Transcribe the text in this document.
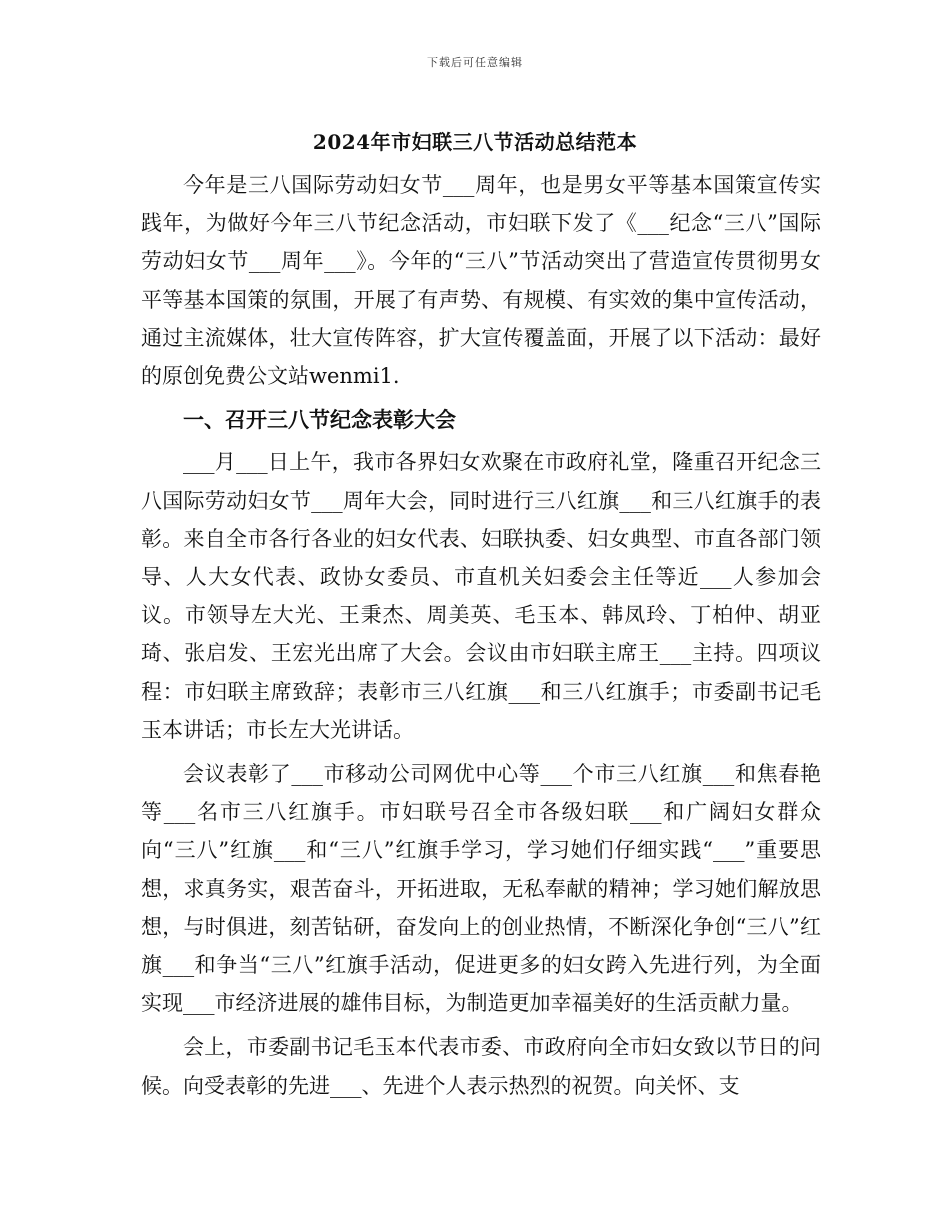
下载后可任意编辑
2024年市妇联三八节活动总结范本

今年是三八国际劳动妇女节___周年，也是男女平等基本国策宣传实践年，为做好今年三八节纪念活动，市妇联下发了《___纪念“三八”国际劳动妇女节___周年___》。今年的“三八”节活动突出了营造宣传贯彻男女平等基本国策的氛围，开展了有声势、有规模、有实效的集中宣传活动，通过主流媒体，壮大宣传阵容，扩大宣传覆盖面，开展了以下活动：最好的原创免费公文站wenmi1.

一、召开三八节纪念表彰大会

___月___日上午，我市各界妇女欢聚在市政府礼堂，隆重召开纪念三八国际劳动妇女节___周年大会，同时进行三八红旗___和三八红旗手的表彰。来自全市各行各业的妇女代表、妇联执委、妇女典型、市直各部门领导、人大女代表、政协女委员、市直机关妇委会主任等近___人参加会议。市领导左大光、王秉杰、周美英、毛玉本、韩凤玲、丁柏仲、胡亚琦、张启发、王宏光出席了大会。会议由市妇联主席王___主持。四项议程：市妇联主席致辞；表彰市三八红旗___和三八红旗手；市委副书记毛玉本讲话；市长左大光讲话。

会议表彰了___市移动公司网优中心等___个市三八红旗___和焦春艳等___名市三八红旗手。市妇联号召全市各级妇联___和广阔妇女群众向“三八”红旗___和“三八”红旗手学习，学习她们仔细实践“___”重要思想，求真务实，艰苦奋斗，开拓进取，无私奉献的精神；学习她们解放思想，与时俱进，刻苦钻研，奋发向上的创业热情，不断深化争创“三八”红旗___和争当“三八”红旗手活动，促进更多的妇女跨入先进行列，为全面实现___市经济进展的雄伟目标，为制造更加幸福美好的生活贡献力量。

会上，市委副书记毛玉本代表市委、市政府向全市妇女致以节日的问候。向受表彰的先进___、先进个人表示热烈的祝贺。向关怀、支
